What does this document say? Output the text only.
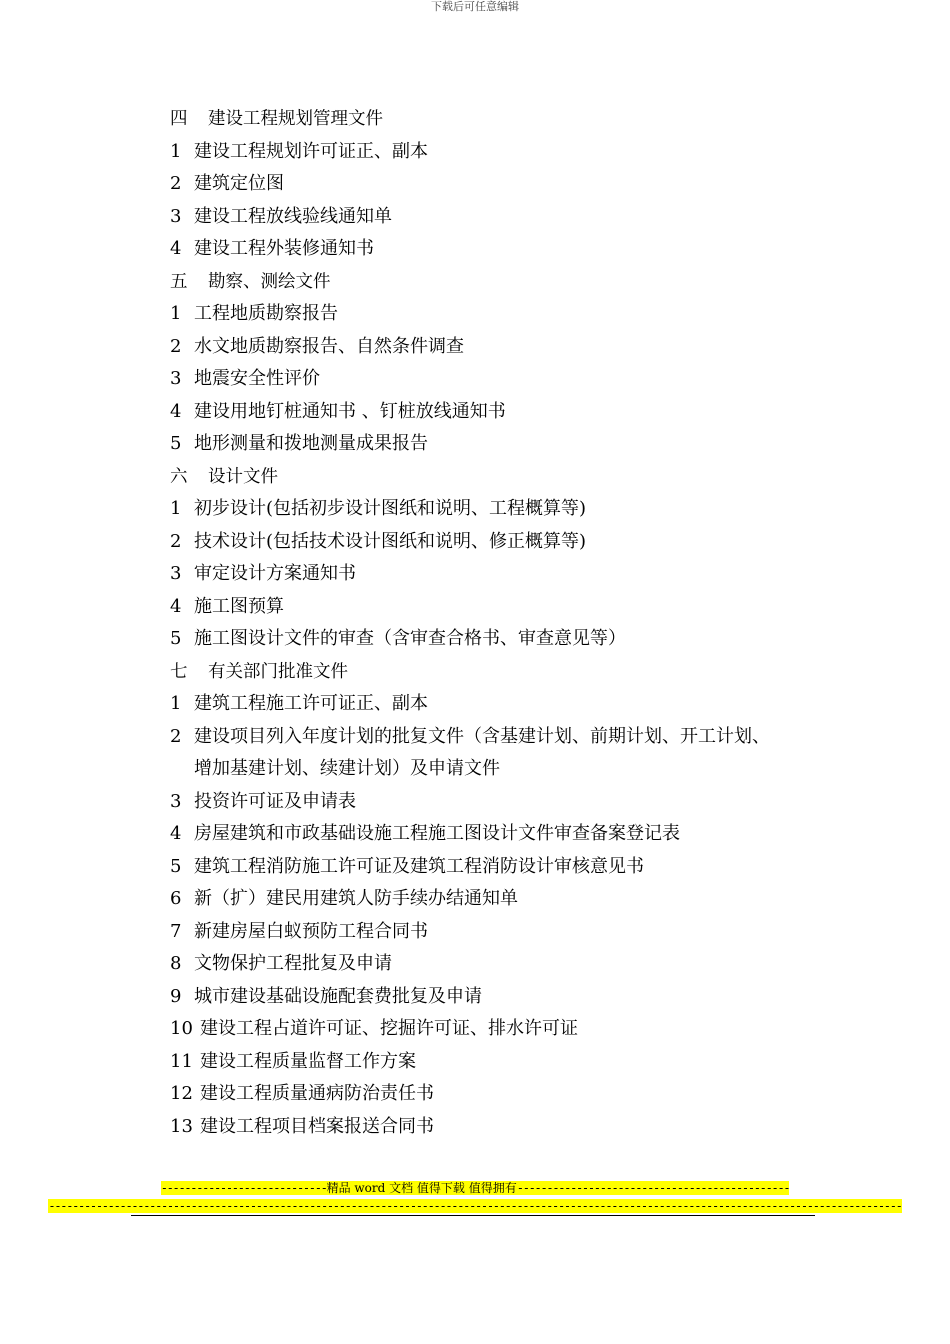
下载后可任意编辑
四 建设工程规划管理文件
1 建设工程规划许可证正、副本
2 建筑定位图
3 建设工程放线验线通知单
4 建设工程外装修通知书
五 勘察、测绘文件
1 工程地质勘察报告
2 水文地质勘察报告、自然条件调查
3 地震安全性评价
4 建设用地钉桩通知书 、钉桩放线通知书
5 地形测量和拨地测量成果报告
六 设计文件
1 初步设计(包括初步设计图纸和说明、工程概算等)
2 技术设计(包括技术设计图纸和说明、修正概算等)
3 审定设计方案通知书
4 施工图预算
5 施工图设计文件的审查（含审查合格书、审查意见等）
七 有关部门批准文件
1 建筑工程施工许可证正、副本
2 建设项目列入年度计划的批复文件（含基建计划、前期计划、开工计划、
增加基建计划、续建计划）及申请文件
3 投资许可证及申请表
4 房屋建筑和市政基础设施工程施工图设计文件审查备案登记表
5 建筑工程消防施工许可证及建筑工程消防设计审核意见书
6 新（扩）建民用建筑人防手续办结通知单
7 新建房屋白蚁预防工程合同书
8 文物保护工程批复及申请
9 城市建设基础设施配套费批复及申请
10 建设工程占道许可证、挖掘许可证、排水许可证
11 建设工程质量监督工作方案
12 建设工程质量通病防治责任书
13 建设工程项目档案报送合同书
----------------------------精品 word 文档 值得下载 值得拥有----------------------------------------------
------------------------------------------------------------------------------------------------------------------------------------------------
